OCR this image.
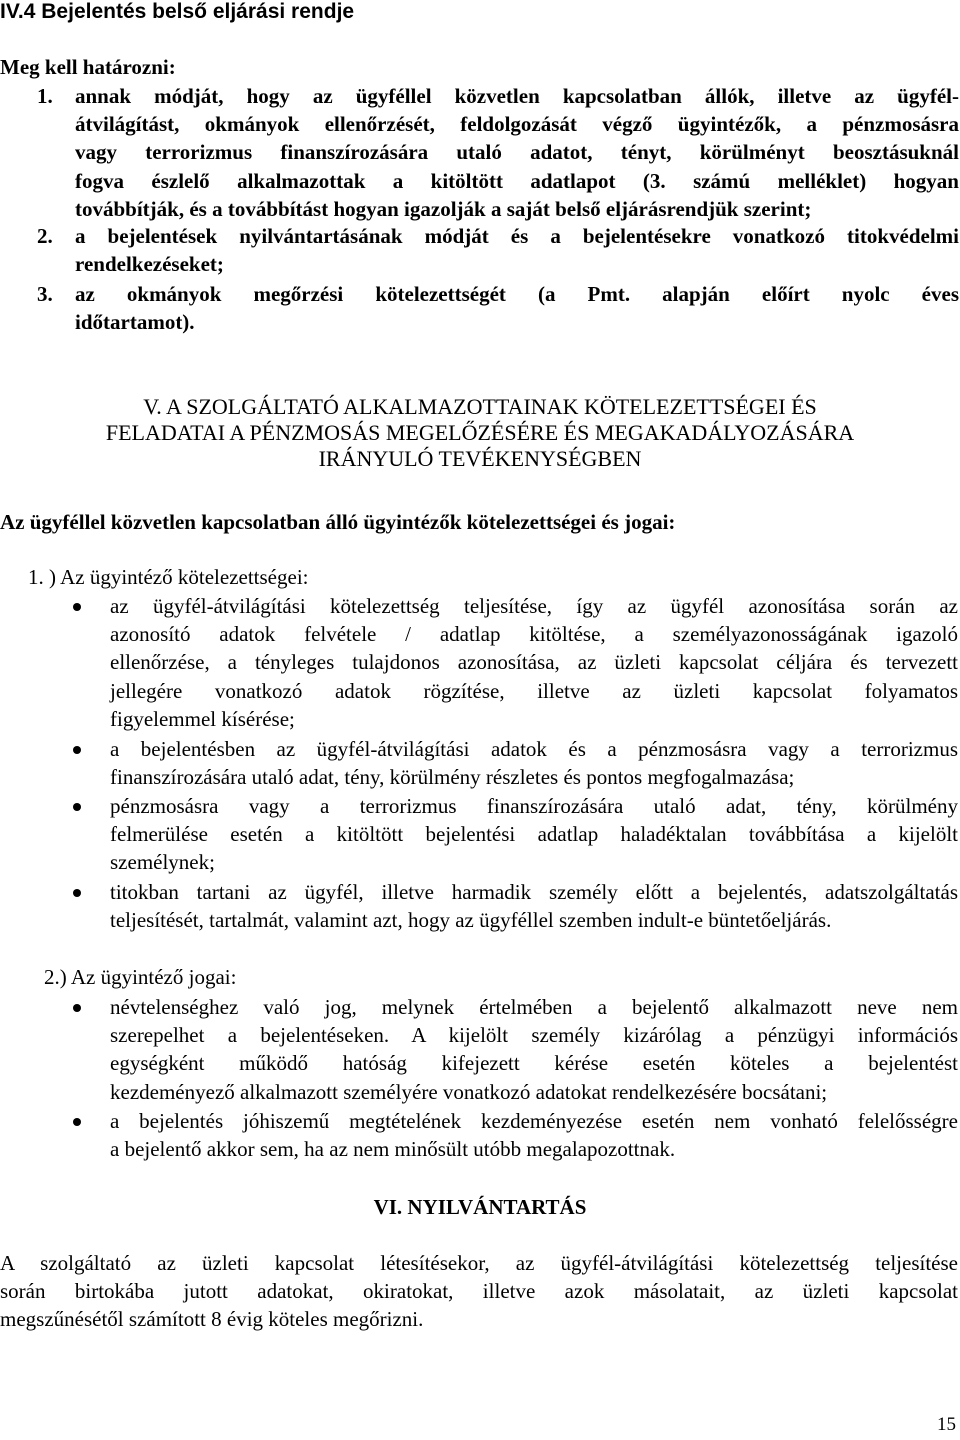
IV.4 Bejelentés belső eljárási rendje
Meg kell határozni:
1. annak módját, hogy az ügyféllel közvetlen kapcsolatban állók, illetve az ügyfél-
átvilágítást, okmányok ellenőrzését, feldolgozását végző ügyintézők, a pénzmosásra
vagy terrorizmus finanszírozására utaló adatot, tényt, körülményt beosztásuknál
fogva észlelő alkalmazottak a kitöltött adatlapot (3. számú melléklet) hogyan
továbbítják, és a továbbítást hogyan igazolják a saját belső eljárásrendjük szerint;
2. a bejelentések nyilvántartásának módját és a bejelentésekre vonatkozó titokvédelmi
rendelkezéseket;
3. az okmányok megőrzési kötelezettségét (a Pmt. alapján előírt nyolc éves
időtartamot).
V. A SZOLGÁLTATÓ ALKALMAZOTTAINAK KÖTELEZETTSÉGEI ÉS
FELADATAI A PÉNZMOSÁS MEGELŐZÉSÉRE ÉS MEGAKADÁLYOZÁSÁRA
IRÁNYULÓ TEVÉKENYSÉGBEN
Az ügyféllel közvetlen kapcsolatban álló ügyintézők kötelezettségei és jogai:
1. ) Az ügyintéző kötelezettségei:
az ügyfél-átvilágítási kötelezettség teljesítése, így az ügyfél azonosítása során az
azonosító adatok felvétele / adatlap kitöltése, a személyazonosságának igazoló
ellenőrzése, a tényleges tulajdonos azonosítása, az üzleti kapcsolat céljára és tervezett
jellegére vonatkozó adatok rögzítése, illetve az üzleti kapcsolat folyamatos
figyelemmel kísérése;
a bejelentésben az ügyfél-átvilágítási adatok és a pénzmosásra vagy a terrorizmus
finanszírozására utaló adat, tény, körülmény részletes és pontos megfogalmazása;
pénzmosásra vagy a terrorizmus finanszírozására utaló adat, tény, körülmény
felmerülése esetén a kitöltött bejelentési adatlap haladéktalan továbbítása a kijelölt
személynek;
titokban tartani az ügyfél, illetve harmadik személy előtt a bejelentés, adatszolgáltatás
teljesítését, tartalmát, valamint azt, hogy az ügyféllel szemben indult-e büntetőeljárás.
2.) Az ügyintéző jogai:
névtelenséghez való jog, melynek értelmében a bejelentő alkalmazott neve nem
szerepelhet a bejelentéseken. A kijelölt személy kizárólag a pénzügyi információs
egységként működő hatóság kifejezett kérése esetén köteles a bejelentést
kezdeményező alkalmazott személyére vonatkozó adatokat rendelkezésére bocsátani;
a bejelentés jóhiszemű megtételének kezdeményezése esetén nem vonható felelősségre
a bejelentő akkor sem, ha az nem minősült utóbb megalapozottnak.
VI. NYILVÁNTARTÁS
A szolgáltató az üzleti kapcsolat létesítésekor, az ügyfél-átvilágítási kötelezettség teljesítése
során birtokába jutott adatokat, okiratokat, illetve azok másolatait, az üzleti kapcsolat
megszűnésétől számított 8 évig köteles megőrizni.
15
